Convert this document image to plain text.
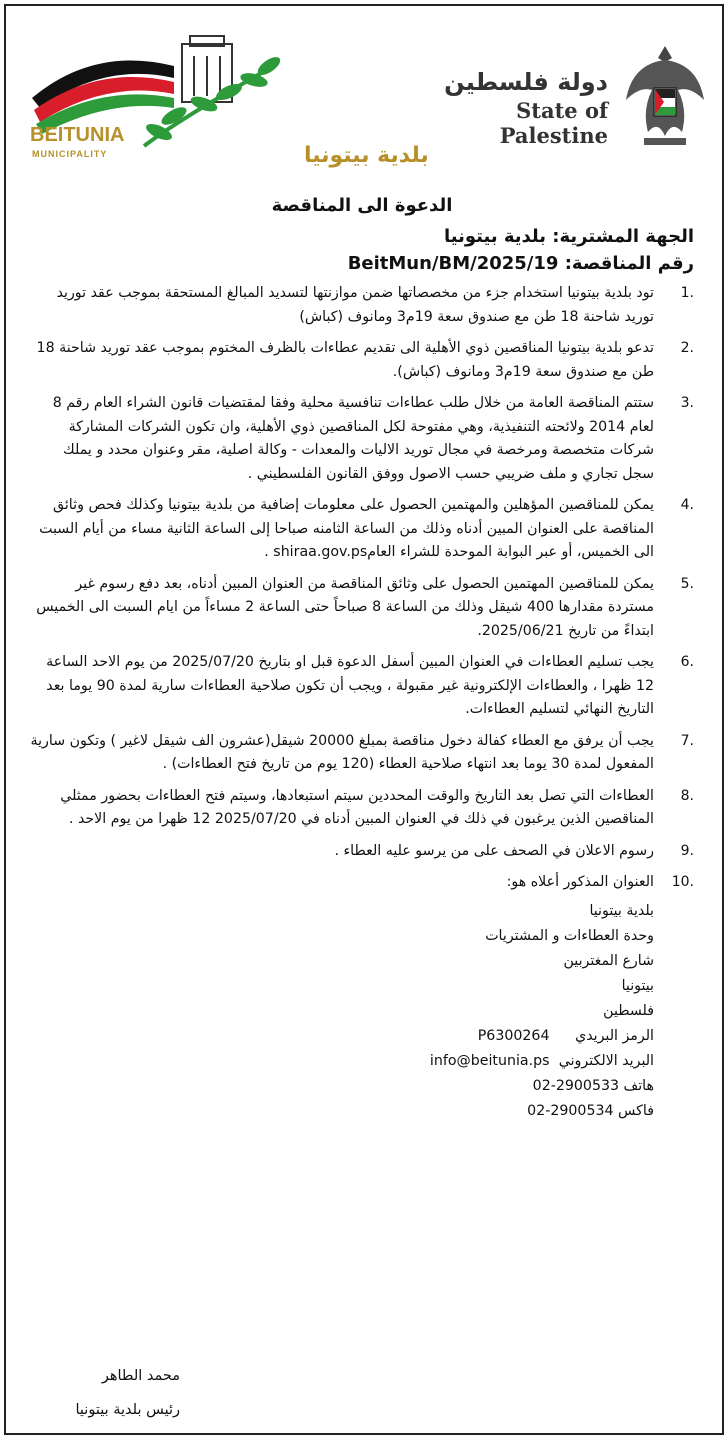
BEITUNIA
MUNICIPALITY	بلدية بيتونيا
دولة فلسطين
State of Palestine
الدعوة الى المناقصة
الجهة المشترية: بلدية بيتونيا
رقم المناقصة: BeitMun/BM/2025/19
.1
تود بلدية بيتونيا استخدام جزء من مخصصاتها ضمن موازنتها لتسديد المبالغ المستحقة بموجب عقد توريد توريد شاحنة 18 طن مع صندوق سعة 19م3 ومانوف (كباش)
.2
تدعو بلدية بيتونيا المناقصين ذوي الأهلية الى تقديم عطاءات بالظرف المختوم بموجب عقد توريد شاحنة 18 طن مع صندوق سعة 19م3 ومانوف (كباش).
.3
ستتم المناقصة العامة من خلال طلب عطاءات تنافسية محلية وفقا لمقتضيات قانون الشراء العام رقم 8 لعام 2014 ولائحته التنفيذية، وهي مفتوحة لكل المناقصين ذوي الأهلية، وان تكون الشركات المشاركة شركات متخصصة ومرخصة في مجال توريد الاليات والمعدات - وكالة اصلية، مقر وعنوان محدد و يملك سجل تجاري و ملف ضريبي حسب الاصول ووفق القانون الفلسطيني .
.4
يمكن للمناقصين المؤهلين والمهتمين الحصول على معلومات إضافية من بلدية بيتونيا وكذلك فحص وثائق المناقصة على العنوان المبين أدناه وذلك من الساعة الثامنه صباحا إلى الساعة الثانية مساء من أيام السبت الى الخميس، أو عبر البوابة الموحدة للشراء العامshiraa.gov.ps .
.5
يمكن للمناقصين المهتمين الحصول على وثائق المناقصة من العنوان المبين أدناه، بعد دفع رسوم غير مستردة مقدارها 400 شيقل وذلك من الساعة 8 صباحاً حتى الساعة 2 مساءاً من ايام السبت الى الخميس ابتداءً من تاريخ 2025/06/21.
.6
يجب تسليم العطاءات في العنوان المبين أسفل الدعوة قبل او بتاريخ 2025/07/20 من يوم الاحد الساعة 12 ظهرا ، والعطاءات الإلكترونية غير مقبولة ، ويجب أن تكون صلاحية العطاءات سارية لمدة 90 يوما بعد التاريخ النهائي لتسليم العطاءات.
.7
يجب أن يرفق مع العطاء كفالة دخول مناقصة بمبلغ 20000 شيقل(عشرون الف شيقل لاغير ) وتكون سارية المفعول لمدة 30 يوما بعد انتهاء صلاحية العطاء (120 يوم من تاريخ فتح العطاءات) .
.8
العطاءات التي تصل بعد التاريخ والوقت المحددين سيتم استبعادها، وسيتم فتح العطاءات بحضور ممثلي المناقصين الذين يرغبون في ذلك في العنوان المبين أدناه في 2025/07/20 12 ظهرا من يوم الاحد .
.9
رسوم الاعلان في الصحف على من يرسو عليه العطاء .
.10
العنوان المذكور أعلاه هو:
بلدية بيتونيا
وحدة العطاءات و المشتريات
شارع المغتربين
بيتونيا
فلسطين
الرمز البريدي P6300264
البريد الالكتروني info@beitunia.ps
هاتف 02-2900533
فاكس 02-2900534
محمد الطاهر
رئيس بلدية بيتونيا
